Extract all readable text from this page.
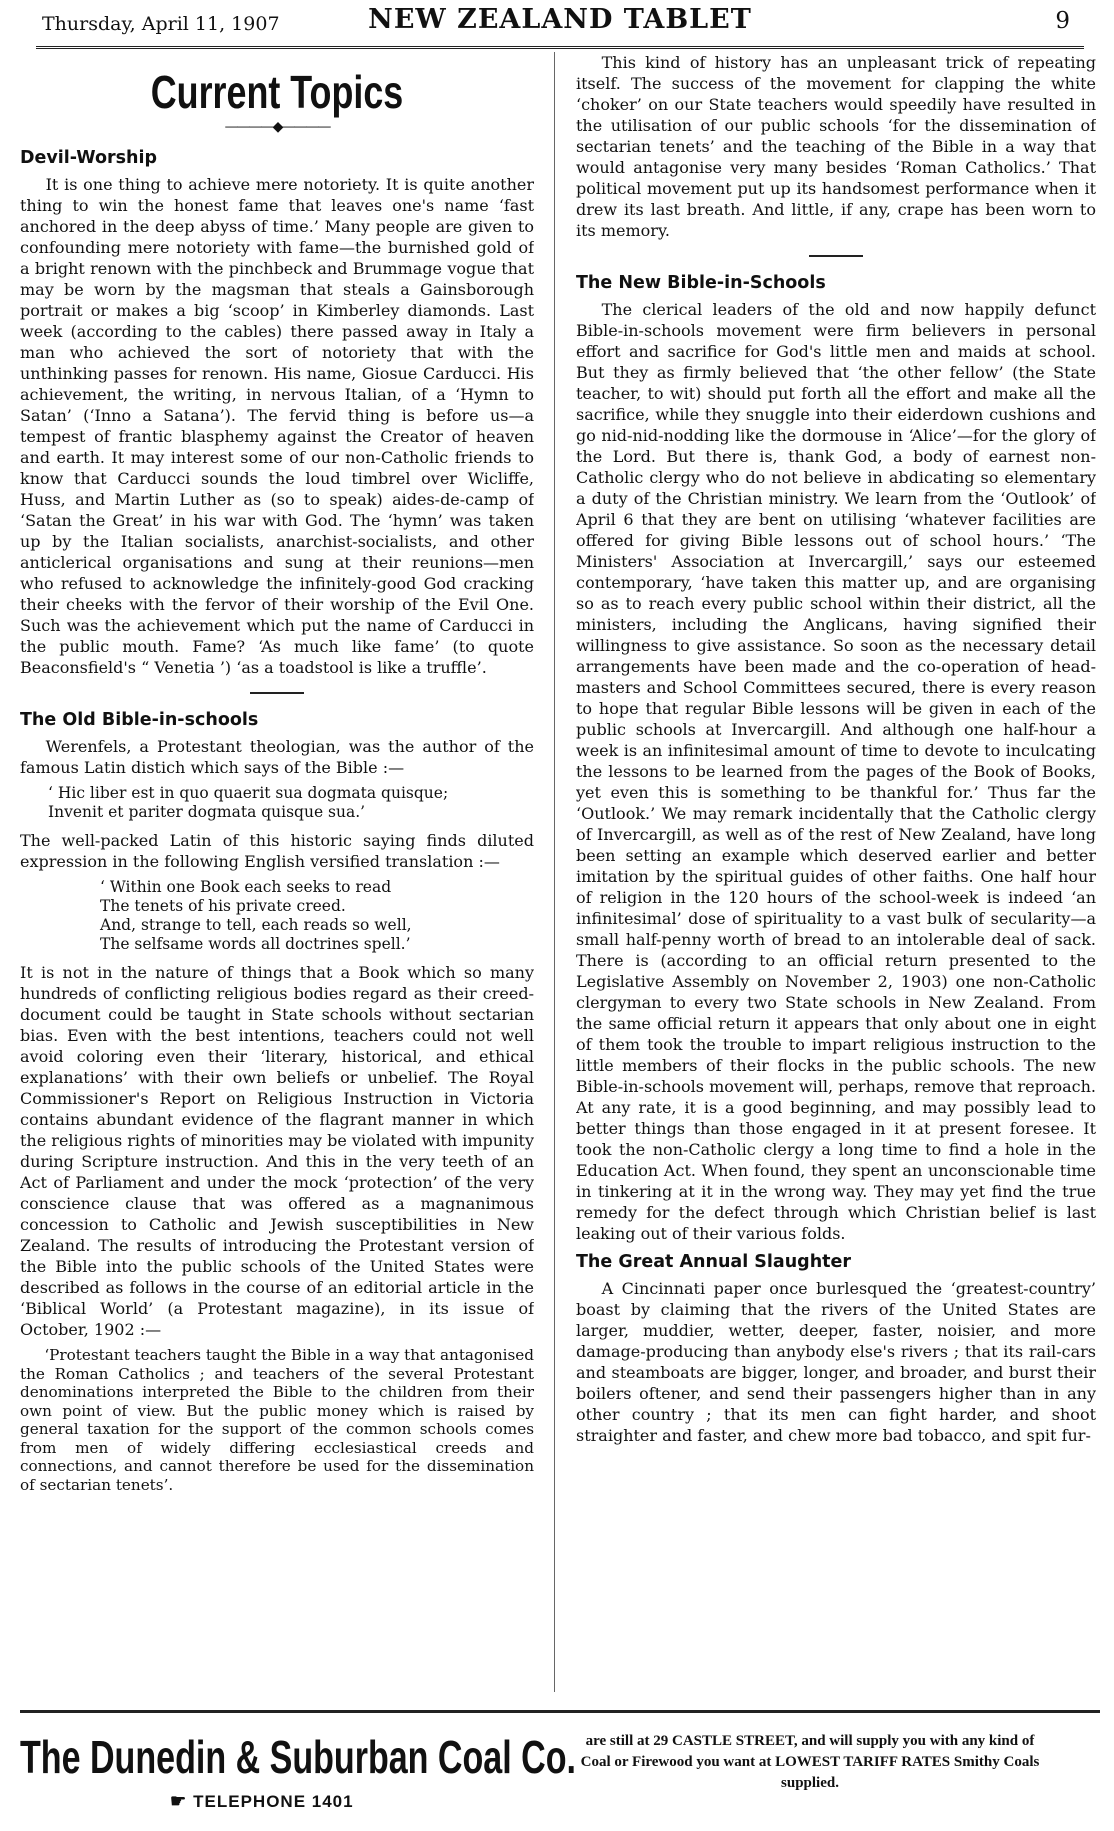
Thursday, April 11, 1907	NEW ZEALAND TABLET	9
Current Topics
————◆————
Devil-Worship

It is one thing to achieve mere notoriety. It is quite another thing to win the honest fame that leaves one's name ‘fast anchored in the deep abyss of time.’ Many people are given to confounding mere notoriety with fame—the burnished gold of a bright renown with the pinchbeck and Brummage vogue that may be worn by the magsman that steals a Gainsborough portrait or makes a big ‘scoop’ in Kimberley diamonds. Last week (according to the cables) there passed away in Italy a man who achieved the sort of notoriety that with the unthinking passes for renown. His name, Giosue Carducci. His achievement, the writing, in nervous Italian, of a ‘Hymn to Satan’ (‘Inno a Satana’). The fervid thing is before us—a tempest of frantic blasphemy against the Creator of heaven and earth. It may interest some of our non-Catholic friends to know that Carducci sounds the loud timbrel over Wicliffe, Huss, and Martin Luther as (so to speak) aides-de-camp of ‘Satan the Great’ in his war with God. The ‘hymn’ was taken up by the Italian socialists, anarchist-socialists, and other anticlerical organisations and sung at their reunions—men who refused to acknowledge the infinitely-good God cracking their cheeks with the fervor of their worship of the Evil One. Such was the achievement which put the name of Carducci in the public mouth. Fame? ‘As much like fame’ (to quote Beaconsfield's “ Venetia ’) ‘as a toadstool is like a truffle’.

The Old Bible-in-schools

Werenfels, a Protestant theologian, was the author of the famous Latin distich which says of the Bible :—

‘ Hic liber est in quo quaerit sua dogmata quisque;
Invenit et pariter dogmata quisque sua.’

The well-packed Latin of this historic saying finds diluted expression in the following English versified translation :—

‘ Within one Book each seeks to read
The tenets of his private creed.
And, strange to tell, each reads so well,
The selfsame words all doctrines spell.’

It is not in the nature of things that a Book which so many hundreds of conflicting religious bodies regard as their creed-document could be taught in State schools without sectarian bias. Even with the best intentions, teachers could not well avoid coloring even their ‘literary, historical, and ethical explanations’ with their own beliefs or unbelief. The Royal Commissioner's Report on Religious Instruction in Victoria contains abundant evidence of the flagrant manner in which the religious rights of minorities may be violated with impunity during Scripture instruction. And this in the very teeth of an Act of Parliament and under the mock ‘protection’ of the very conscience clause that was offered as a magnanimous concession to Catholic and Jewish susceptibilities in New Zealand. The results of introducing the Protestant version of the Bible into the public schools of the United States were described as follows in the course of an editorial article in the ‘Biblical World’ (a Protestant magazine), in its issue of October, 1902 :—

‘Protestant teachers taught the Bible in a way that antagonised the Roman Catholics ; and teachers of the several Protestant denominations interpreted the Bible to the children from their own point of view. But the public money which is raised by general taxation for the support of the common schools comes from men of widely differing ecclesiastical creeds and connections, and cannot therefore be used for the dissemination of sectarian tenets’.

This kind of history has an unpleasant trick of repeating itself. The success of the movement for clapping the white ‘choker’ on our State teachers would speedily have resulted in the utilisation of our public schools ‘for the dissemination of sectarian tenets’ and the teaching of the Bible in a way that would antagonise very many besides ‘Roman Catholics.’ That political movement put up its handsomest performance when it drew its last breath. And little, if any, crape has been worn to its memory.

The New Bible-in-Schools

The clerical leaders of the old and now happily defunct Bible-in-schools movement were firm believers in personal effort and sacrifice for God's little men and maids at school. But they as firmly believed that ‘the other fellow’ (the State teacher, to wit) should put forth all the effort and make all the sacrifice, while they snuggle into their eiderdown cushions and go nid-nid-nodding like the dormouse in ‘Alice’—for the glory of the Lord. But there is, thank God, a body of earnest non-Catholic clergy who do not believe in abdicating so elementary a duty of the Christian ministry. We learn from the ‘Outlook’ of April 6 that they are bent on utilising ‘whatever facilities are offered for giving Bible lessons out of school hours.’ ‘The Ministers' Association at Invercargill,’ says our esteemed contemporary, ‘have taken this matter up, and are organising so as to reach every public school within their district, all the ministers, including the Anglicans, having signified their willingness to give assistance. So soon as the necessary detail arrangements have been made and the co-operation of head-masters and School Committees secured, there is every reason to hope that regular Bible lessons will be given in each of the public schools at Invercargill. And although one half-hour a week is an infinitesimal amount of time to devote to inculcating the lessons to be learned from the pages of the Book of Books, yet even this is something to be thankful for.’ Thus far the ‘Outlook.’ We may remark incidentally that the Catholic clergy of Invercargill, as well as of the rest of New Zealand, have long been setting an example which deserved earlier and better imitation by the spiritual guides of other faiths. One half hour of religion in the 120 hours of the school-week is indeed ‘an infinitesimal’ dose of spirituality to a vast bulk of secularity—a small half-penny worth of bread to an intolerable deal of sack. There is (according to an official return presented to the Legislative Assembly on November 2, 1903) one non-Catholic clergyman to every two State schools in New Zealand. From the same official return it appears that only about one in eight of them took the trouble to impart religious instruction to the little members of their flocks in the public schools. The new Bible-in-schools movement will, perhaps, remove that reproach. At any rate, it is a good beginning, and may possibly lead to better things than those engaged in it at present foresee. It took the non-Catholic clergy a long time to find a hole in the Education Act. When found, they spent an unconscionable time in tinkering at it in the wrong way. They may yet find the true remedy for the defect through which Christian belief is last leaking out of their various folds.

The Great Annual Slaughter

A Cincinnati paper once burlesqued the ‘greatest-country’ boast by claiming that the rivers of the United States are larger, muddier, wetter, deeper, faster, noisier, and more damage-producing than anybody else's rivers ; that its rail-cars and steamboats are bigger, longer, and broader, and burst their boilers oftener, and send their passengers higher than in any other country ; that its men can fight harder, and shoot straighter and faster, and chew more bad tobacco, and spit fur-

The Dunedin & Suburban Coal Co.
☛ TELEPHONE 1401
are still at 29 CASTLE STREET, and will supply you with any kind of Coal or Firewood you want at LOWEST TARIFF RATES Smithy Coals supplied.
